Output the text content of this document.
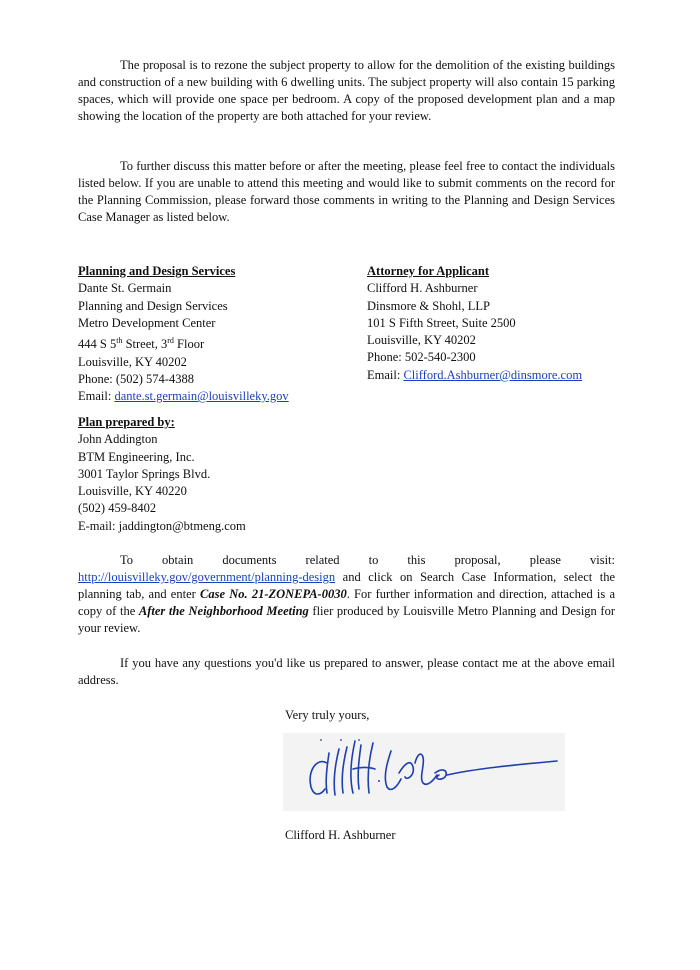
The proposal is to rezone the subject property to allow for the demolition of the existing buildings and construction of a new building with 6 dwelling units. The subject property will also contain 15 parking spaces, which will provide one space per bedroom. A copy of the proposed development plan and a map showing the location of the property are both attached for your review.

To further discuss this matter before or after the meeting, please feel free to contact the individuals listed below. If you are unable to attend this meeting and would like to submit comments on the record for the Planning Commission, please forward those comments in writing to the Planning and Design Services Case Manager as listed below.

Planning and Design Services
Dante St. Germain
Planning and Design Services
Metro Development Center
444 S 5th Street, 3rd Floor
Louisville, KY 40202
Phone: (502) 574-4388
Email: dante.st.germain@louisvilleky.gov
Attorney for Applicant
Clifford H. Ashburner
Dinsmore & Shohl, LLP
101 S Fifth Street, Suite 2500
Louisville, KY 40202
Phone: 502-540-2300
Email: Clifford.Ashburner@dinsmore.com
Plan prepared by:
John Addington
BTM Engineering, Inc.
3001 Taylor Springs Blvd.
Louisville, KY 40220
(502) 459-8402
E-mail: jaddington@btmeng.com

To obtain documents related to this proposal, please visit: http://louisvilleky.gov/government/planning-design and click on Search Case Information, select the planning tab, and enter Case No. 21-ZONEPA-0030. For further information and direction, attached is a copy of the After the Neighborhood Meeting flier produced by Louisville Metro Planning and Design for your review.

If you have any questions you'd like us prepared to answer, please contact me at the above email address.

Very truly yours,
Clifford H. Ashburner
